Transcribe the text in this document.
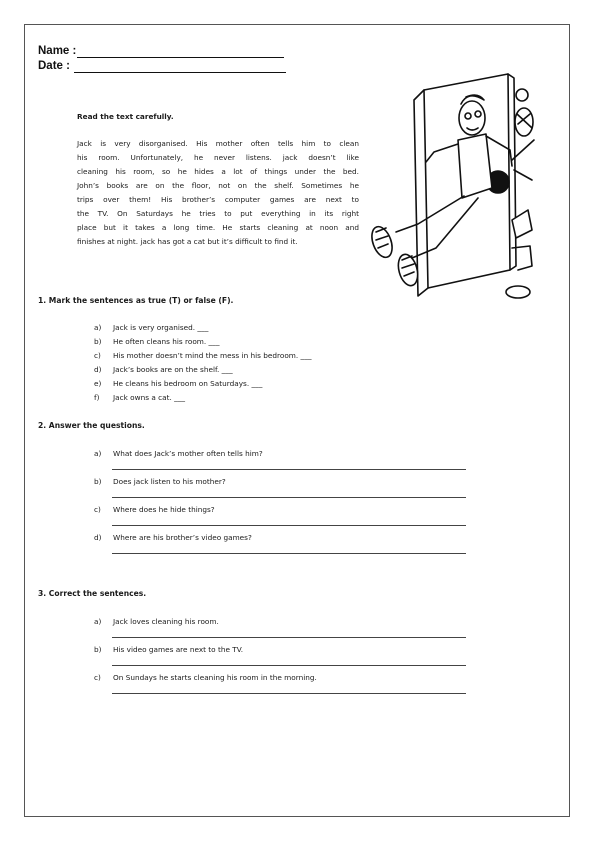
Name :
Date :
Read the text carefully.
Jack is very disorganised. His mother often tells him to clean
his room. Unfortunately, he never listens. jack doesn’t like
cleaning his room, so he hides a lot of things under the bed.
John’s books are on the floor, not on the shelf. Sometimes he
trips over them! His brother’s computer games are next to
the TV. On Saturdays he tries to put everything in its right
place but it takes a long time. He starts cleaning at noon and
finishes at night. jack has got a cat but it’s difficult to find it.
1. Mark the sentences as true (T) or false (F).
a) Jack is very organised. ___
b) He often cleans his room. ___
c) His mother doesn’t mind the mess in his bedroom. ___
d) Jack’s books are on the shelf. ___
e) He cleans his bedroom on Saturdays. ___
f) Jack owns a cat. ___
2. Answer the questions.
a) What does Jack’s mother often tells him?
b) Does jack listen to his mother?
c) Where does he hide things?
d) Where are his brother’s video games?
3. Correct the sentences.
a) Jack loves cleaning his room.
b) His video games are next to the TV.
c) On Sundays he starts cleaning his room in the morning.
